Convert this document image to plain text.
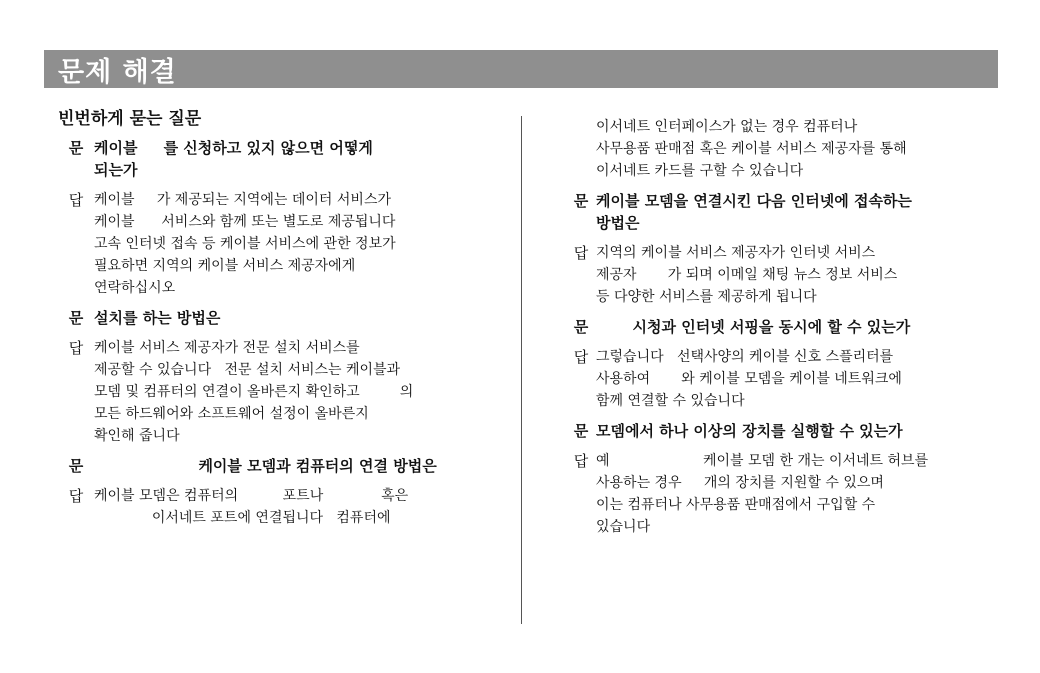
문제 해결
빈번하게 묻는 질문
문 케이블     를 신청하고 있지 않으면 어떻게
되는가
답 케이블     가 제공되는 지역에는 데이터 서비스가
케이블      서비스와 함께 또는 별도로 제공됩니다
고속 인터넷 접속 등 케이블 서비스에 관한 정보가
필요하면 지역의 케이블 서비스 제공자에게
연락하십시오
문 설치를 하는 방법은
답 케이블 서비스 제공자가 전문 설치 서비스를
제공할 수 있습니다   전문 설치 서비스는 케이블과
모뎀 및 컴퓨터의 연결이 올바른지 확인하고         의
모든 하드웨어와 소프트웨어 설정이 올바른지
확인해 줍니다
문 케이블 모뎀과 컴퓨터의 연결 방법은
답 케이블 모뎀은 컴퓨터의          포트나             혹은
이서네트 포트에 연결됩니다   컴퓨터에
이서네트 인터페이스가 없는 경우 컴퓨터나
사무용품 판매점 혹은 케이블 서비스 제공자를 통해
이서네트 카드를 구할 수 있습니다
문 케이블 모뎀을 연결시킨 다음 인터넷에 접속하는
방법은
답 지역의 케이블 서비스 제공자가 인터넷 서비스
제공자       가 되며 이메일 채팅 뉴스 정보 서비스
등 다양한 서비스를 제공하게 됩니다
문 시청과 인터넷 서핑을 동시에 할 수 있는가
답 그렇습니다   선택사양의 케이블 신호 스플리터를
사용하여       와 케이블 모뎀을 케이블 네트워크에
함께 연결할 수 있습니다
문 모뎀에서 하나 이상의 장치를 실행할 수 있는가
답 예                     케이블 모뎀 한 개는 이서네트 허브를
사용하는 경우     개의 장치를 지원할 수 있으며
이는 컴퓨터나 사무용품 판매점에서 구입할 수
있습니다
